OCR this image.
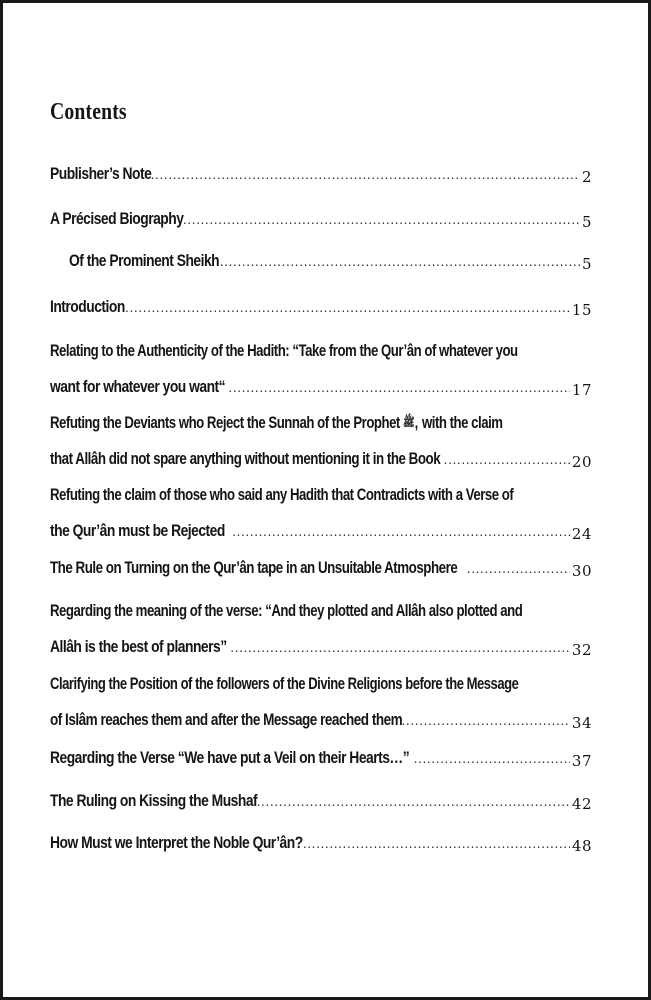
Contents
Publisher’s Note .....	2
A Précised Biography .....	5
Of the Prominent Sheikh .....	5
Introduction .....	15
Relating to the Authenticity of the Hadith: “Take from the Qur’ân of whatever you
want for whatever you want“ .....	17
Refuting the Deviants who Reject the Sunnah of the Prophet ﷺ, with the claim
that Allâh did not spare anything without mentioning it in the Book .....	20
Refuting the claim of those who said any Hadith that Contradicts with a Verse of
the Qur’ân must be Rejected .....	24
The Rule on Turning on the Qur’ân tape in an Unsuitable Atmosphere .....	30
Regarding the meaning of the verse: “And they plotted and Allâh also plotted and
Allâh is the best of planners” .....	32
Clarifying the Position of the followers of the Divine Religions before the Message
of Islâm reaches them and after the Message reached them .....	34
Regarding the Verse “We have put a Veil on their Hearts…” .....	37
The Ruling on Kissing the Mushaf .....	42
How Must we Interpret the Noble Qur’ân? .....	48
